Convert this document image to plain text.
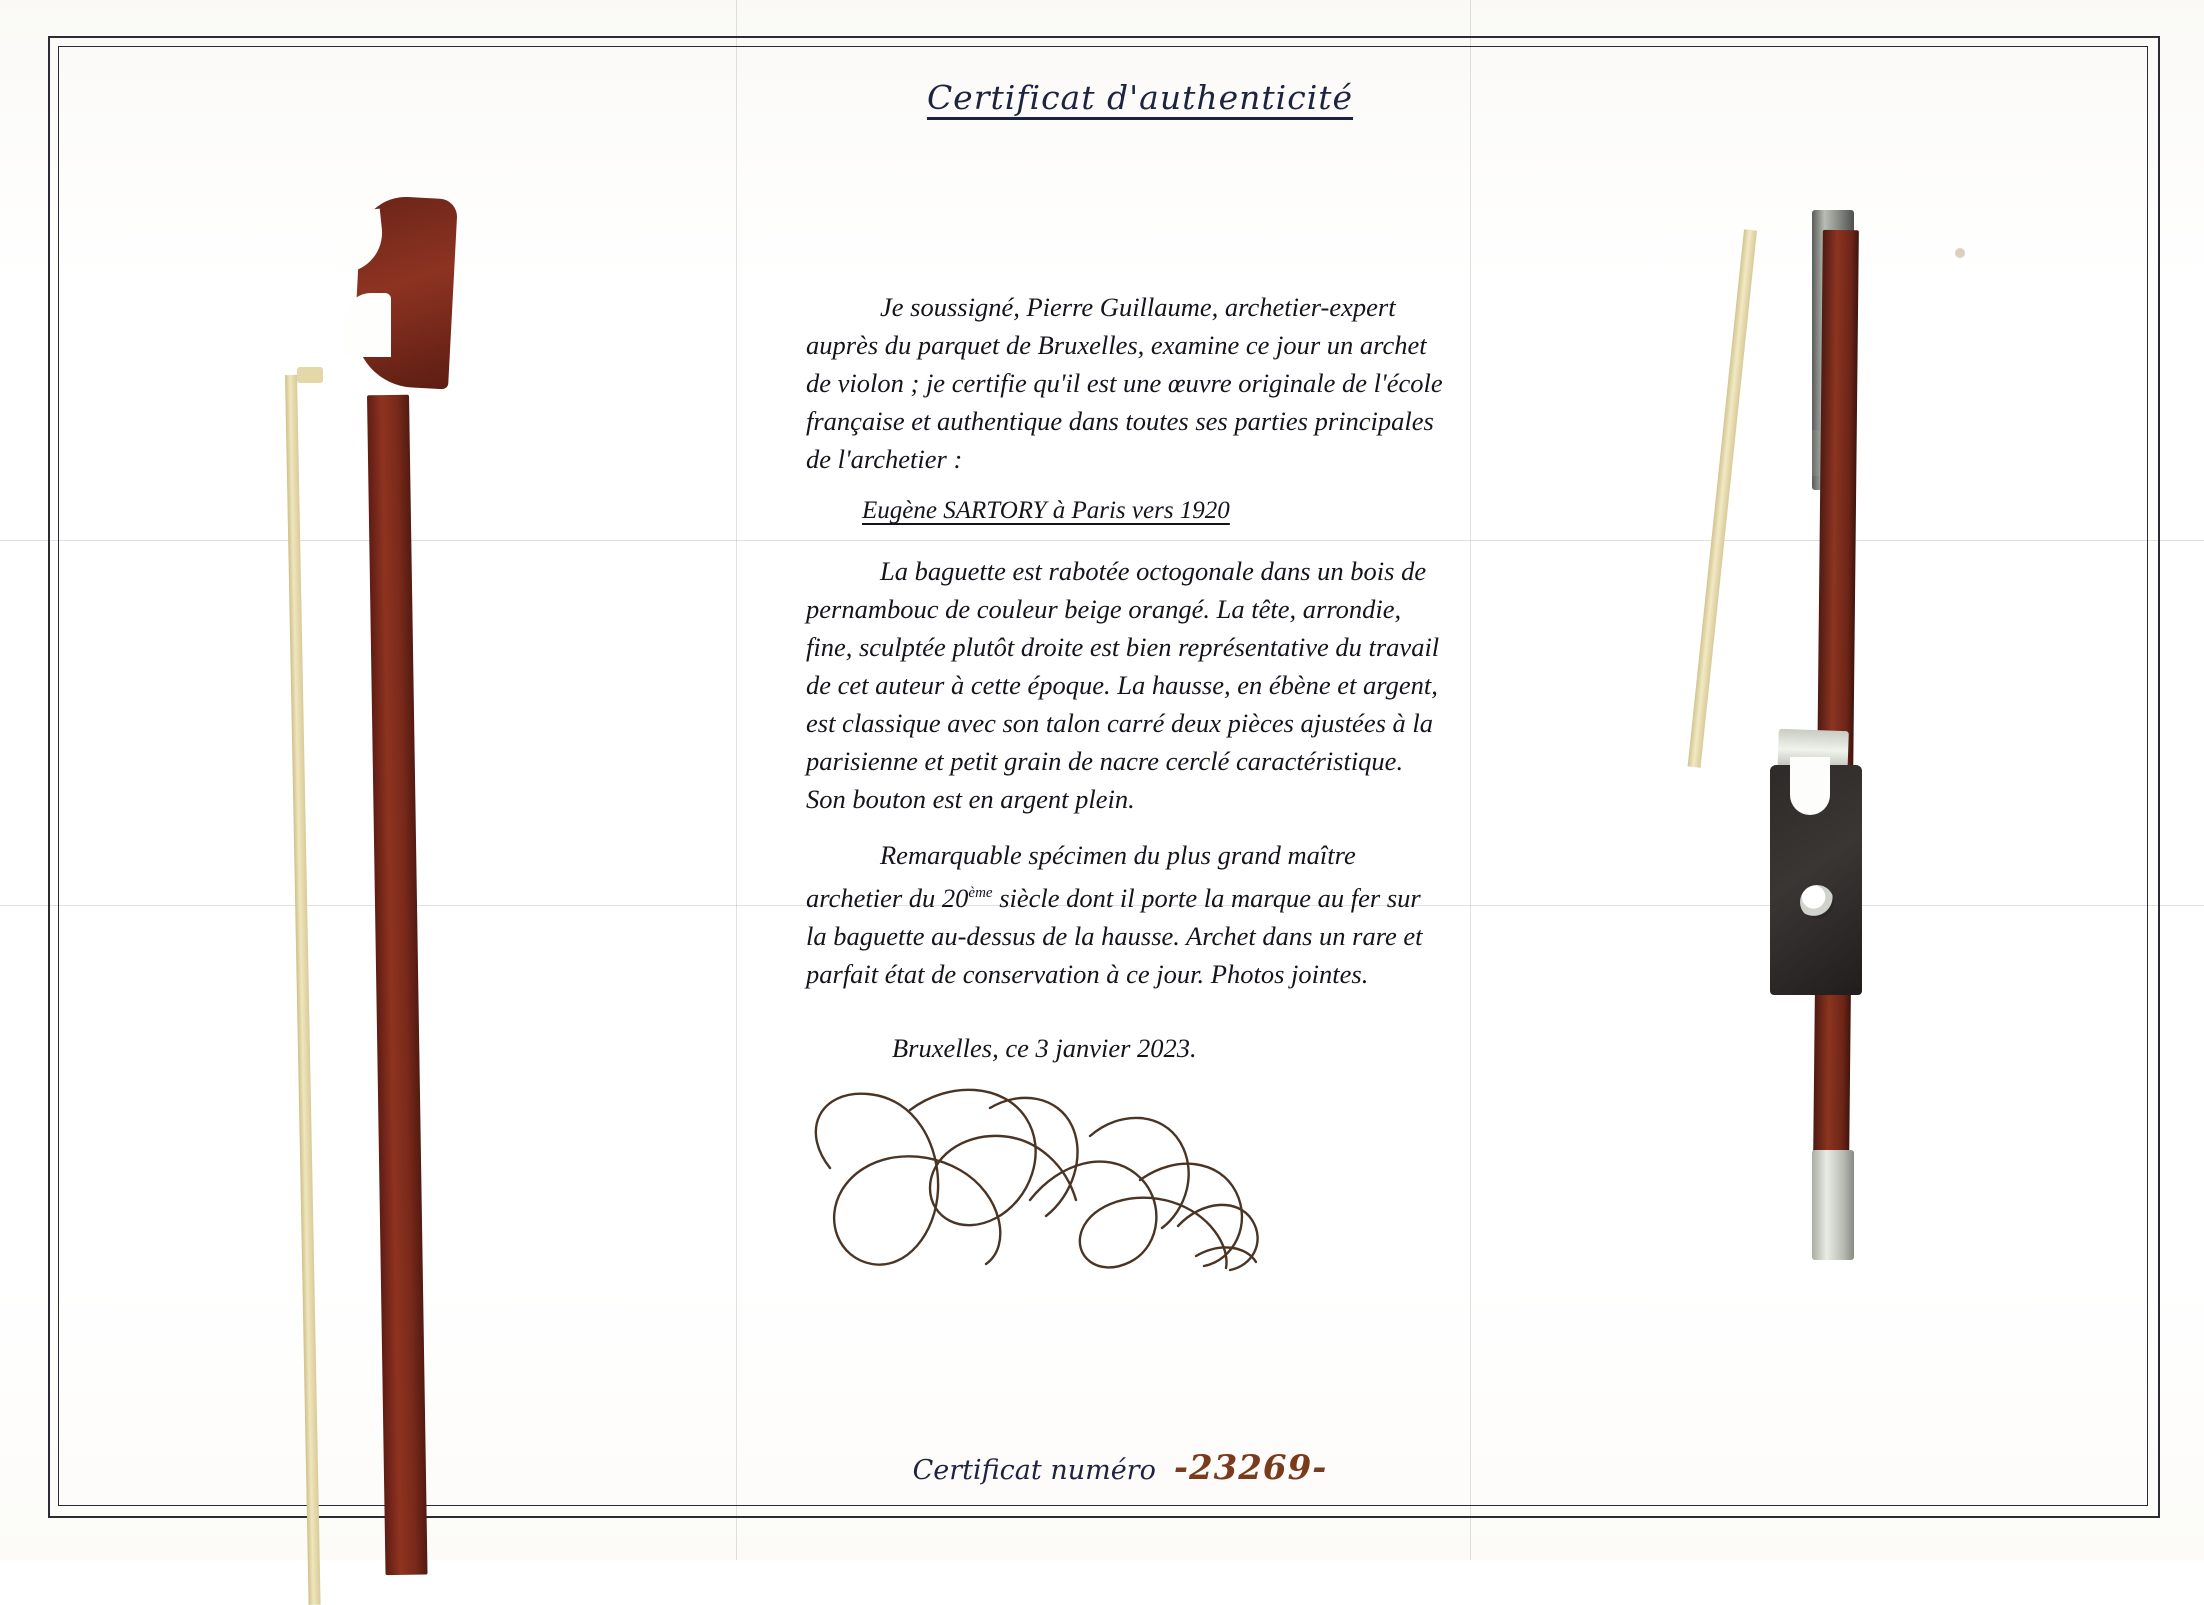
Certificat d'authenticité

Je soussigné, Pierre Guillaume, archetier-expert auprès du parquet de Bruxelles, examine ce jour un archet de violon ; je certifie qu'il est une œuvre originale de l'école française et authentique dans toutes ses parties principales de l'archetier :

Eugène SARTORY à Paris vers 1920

La baguette est rabotée octogonale dans un bois de pernambouc de couleur beige orangé. La tête, arrondie, fine, sculptée plutôt droite est bien représentative du travail de cet auteur à cette époque. La hausse, en ébène et argent, est classique avec son talon carré deux pièces ajustées à la parisienne et petit grain de nacre cerclé caractéristique. Son bouton est en argent plein.

Remarquable spécimen du plus grand maître archetier du 20ème siècle dont il porte la marque au fer sur la baguette au-dessus de la hausse. Archet dans un rare et parfait état de conservation à ce jour. Photos jointes.

Bruxelles, ce 3 janvier 2023.

Certificat numéro -23269-
